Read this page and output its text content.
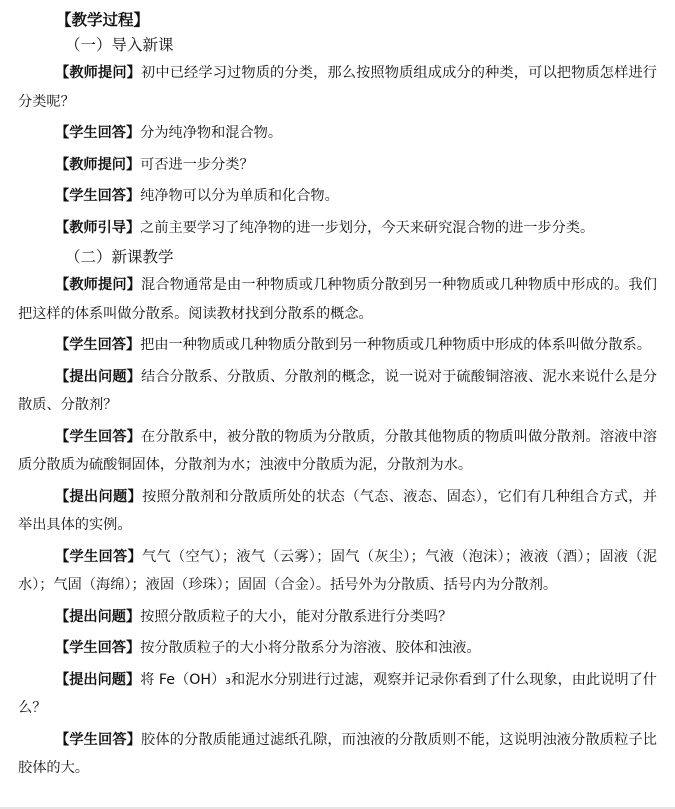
【教学过程】
（一）导入新课
【教师提问】初中已经学习过物质的分类，那么按照物质组成成分的种类，可以把物质怎样进行分类呢？
【学生回答】分为纯净物和混合物。
【教师提问】可否进一步分类？
【学生回答】纯净物可以分为单质和化合物。
【教师引导】之前主要学习了纯净物的进一步划分，今天来研究混合物的进一步分类。
（二）新课教学
【教师提问】混合物通常是由一种物质或几种物质分散到另一种物质或几种物质中形成的。我们把这样的体系叫做分散系。阅读教材找到分散系的概念。
【学生回答】把由一种物质或几种物质分散到另一种物质或几种物质中形成的体系叫做分散系。
【提出问题】结合分散系、分散质、分散剂的概念，说一说对于硫酸铜溶液、泥水来说什么是分散质、分散剂？
【学生回答】在分散系中，被分散的物质为分散质，分散其他物质的物质叫做分散剂。溶液中溶质分散质为硫酸铜固体，分散剂为水；浊液中分散质为泥，分散剂为水。
【提出问题】按照分散剂和分散质所处的状态（气态、液态、固态），它们有几种组合方式，并举出具体的实例。
【学生回答】气气（空气）；液气（云雾）；固气（灰尘）；气液（泡沫）；液液（酒）；固液（泥水）；气固（海绵）；液固（珍珠）；固固（合金）。括号外为分散质、括号内为分散剂。
【提出问题】按照分散质粒子的大小，能对分散系进行分类吗？
【学生回答】按分散质粒子的大小将分散系分为溶液、胶体和浊液。
【提出问题】将 Fe（OH）₃和泥水分别进行过滤，观察并记录你看到了什么现象，由此说明了什么？
【学生回答】胶体的分散质能通过滤纸孔隙，而浊液的分散质则不能，这说明浊液分散质粒子比胶体的大。
